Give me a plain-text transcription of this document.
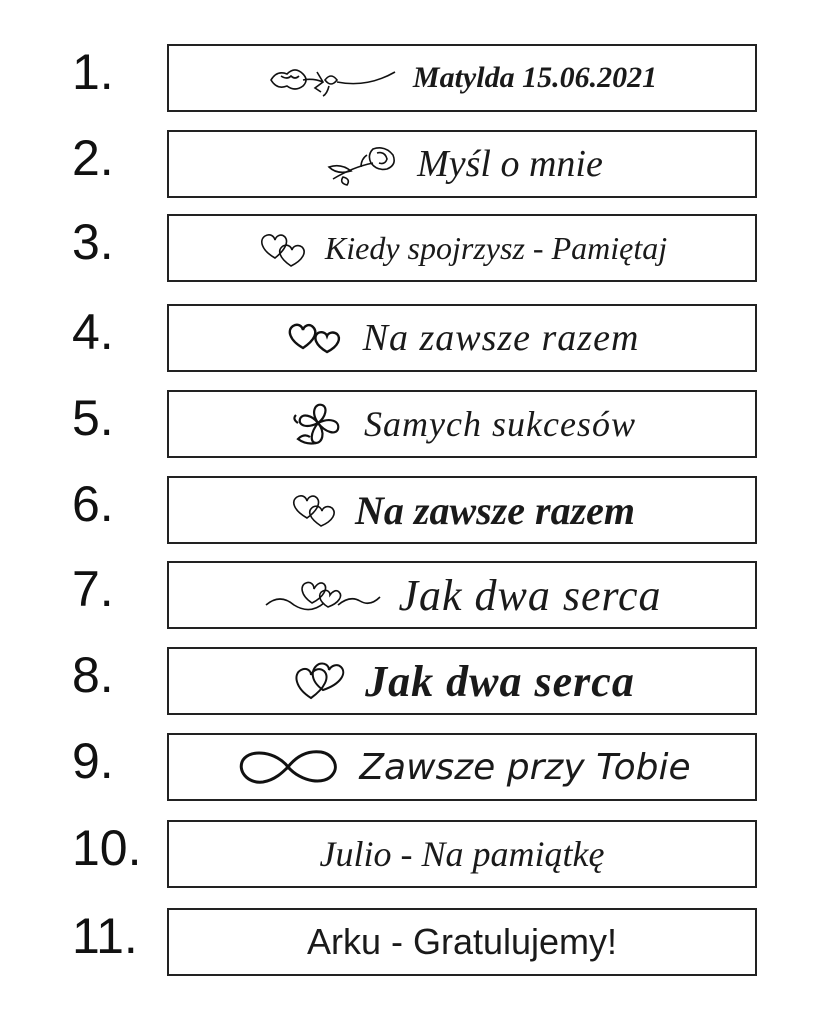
1.	Matylda 15.06.2021
2.	Myśl o mnie
3.	Kiedy spojrzysz - Pamiętaj
4.	Na zawsze razem
5.	Samych sukcesów
6.	Na zawsze razem
7.	Jak dwa serca
8.	Jak dwa serca
9.	Zawsze przy Tobie
10.	Julio - Na pamiątkę
11.	Arku - Gratulujemy!
